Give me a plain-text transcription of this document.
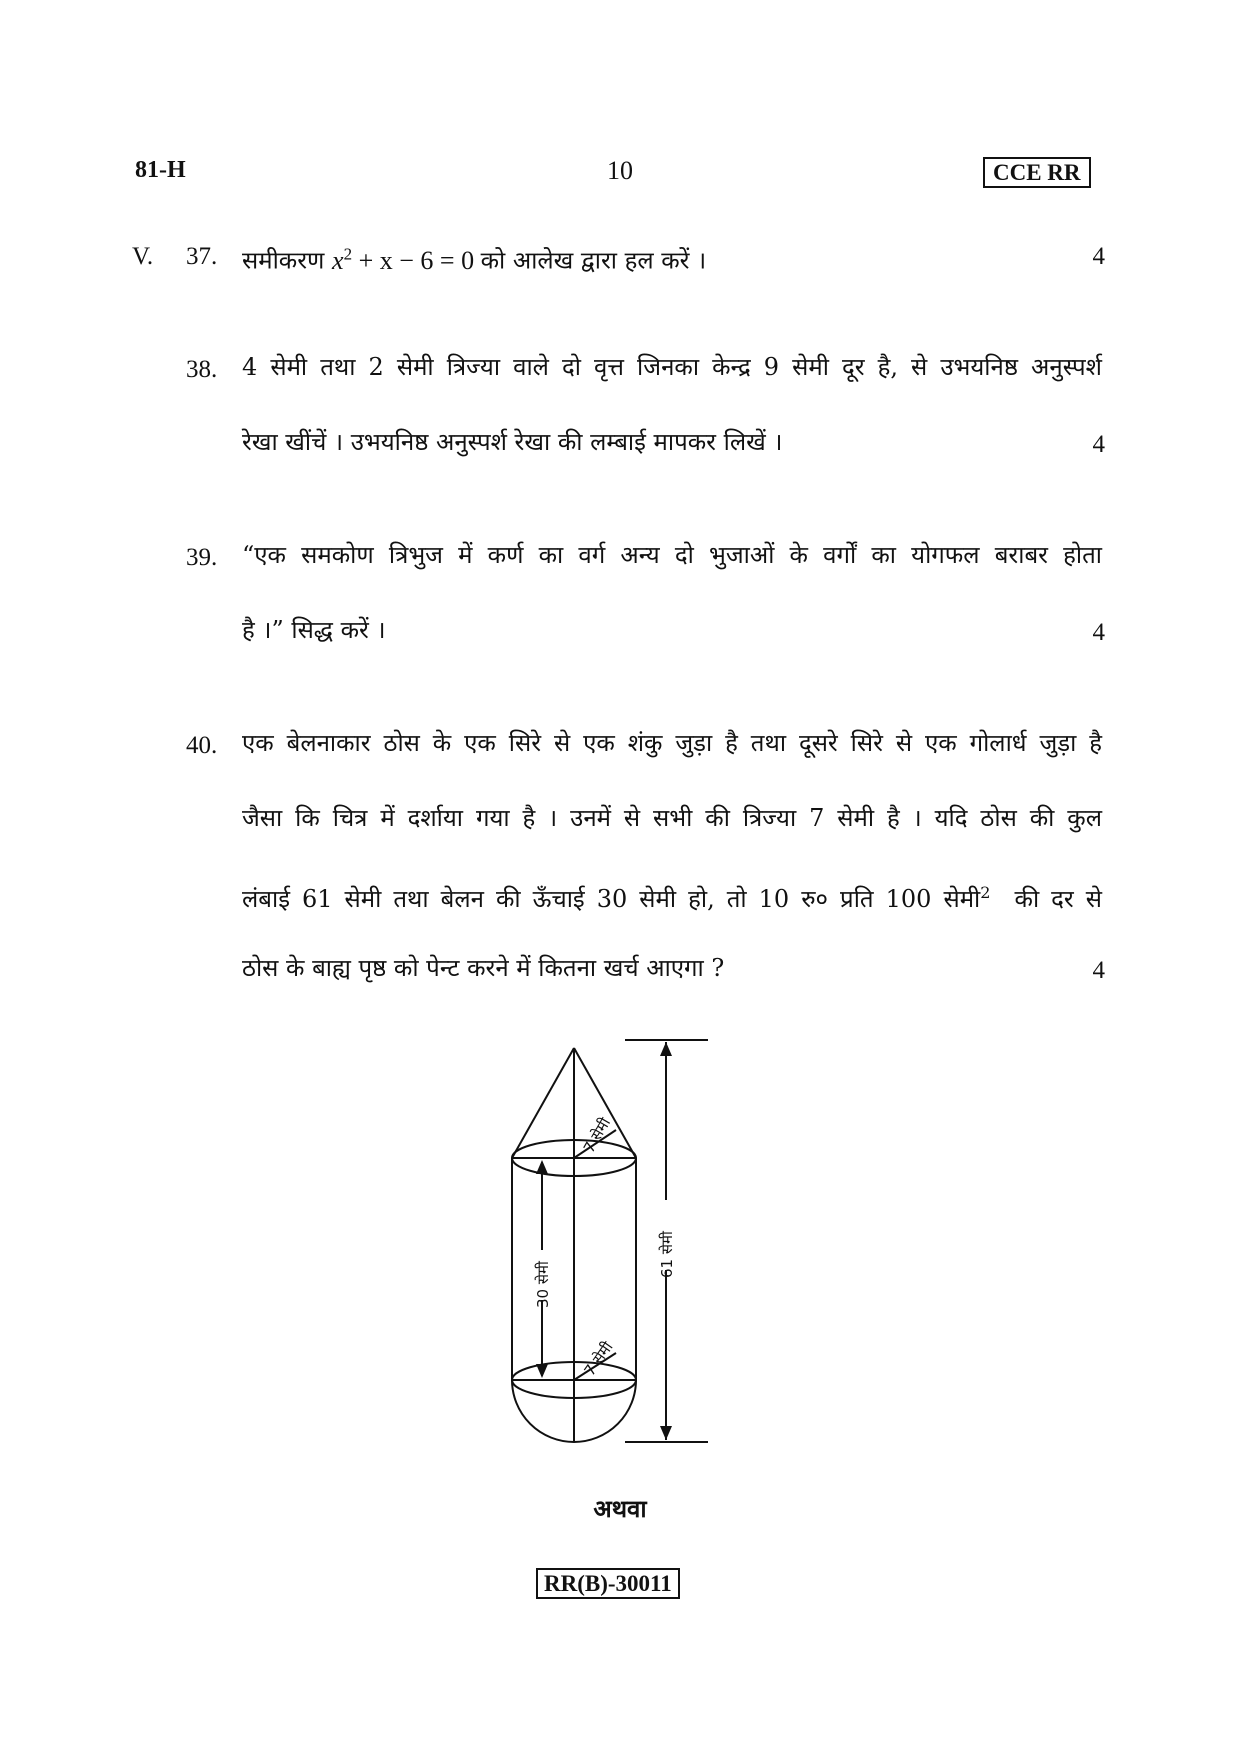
81-H	10	CCE RR
V. 37. समीकरण $x^2 + x - 6 = 0$ को आलेख द्वारा हल करें ।	4
38. 4 सेमी तथा 2 सेमी त्रिज्या वाले दो वृत्त जिनका केन्द्र 9 सेमी दूर है, से उभयनिष्ठ अनुस्पर्श
रेखा खींचें । उभयनिष्ठ अनुस्पर्श रेखा की लम्बाई मापकर लिखें ।	4
39. “एक समकोण त्रिभुज में कर्ण का वर्ग अन्य दो भुजाओं के वर्गों का योगफल बराबर होता
है ।” सिद्ध करें ।	4
40. एक बेलनाकार ठोस के एक सिरे से एक शंकु जुड़ा है तथा दूसरे सिरे से एक गोलार्ध जुड़ा है
जैसा कि चित्र में दर्शाया गया है । उनमें से सभी की त्रिज्या 7 सेमी है । यदि ठोस की कुल
लंबाई 61 सेमी तथा बेलन की ऊँचाई 30 सेमी हो, तो 10 रु० प्रति 100 सेमी$^2$ की दर से
ठोस के बाह्य पृष्ठ को पेन्ट करने में कितना खर्च आएगा ?	4
7 सेमी
7 सेमी
30 सेमी
61 सेमी
अथवा
RR(B)-30011
